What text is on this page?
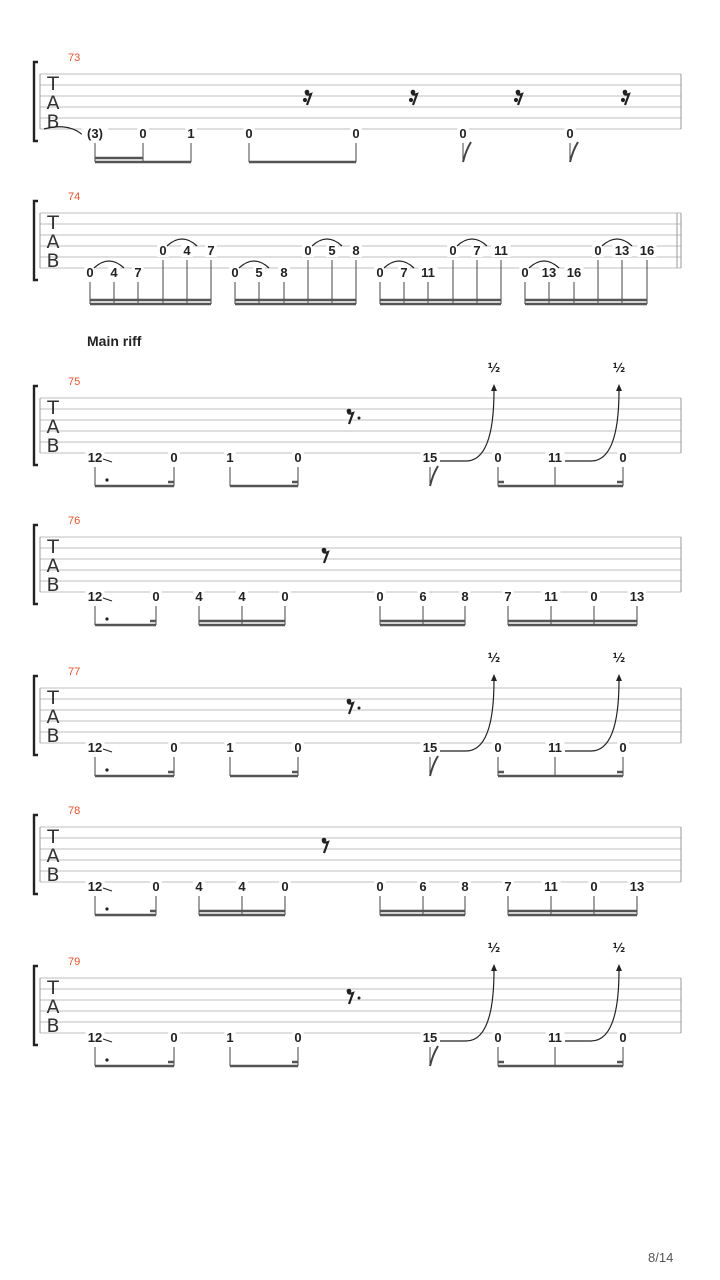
T
A
B
73
(3)	0	1	0	0	0	0
T
A
B
74
0 4 7
0 4 7
0 5 8
0 5 8
0 7 11
0 7 11
0 13 16
0 13 16
T
A
B
75
12	0	1	0	15	0	11	0
½	½
T
A
B
76
12	0	4	4	0	0	6	8	7	11	0 13
T
A
B
77
12	0	1	0	15	0	11	0
½	½
T
A
B
78
12	0	4	4	0	0	6	8	7	11	0 13
T
A
B
79
12	0	1	0	15	0	11	0
½	½
Main riff
8/14
